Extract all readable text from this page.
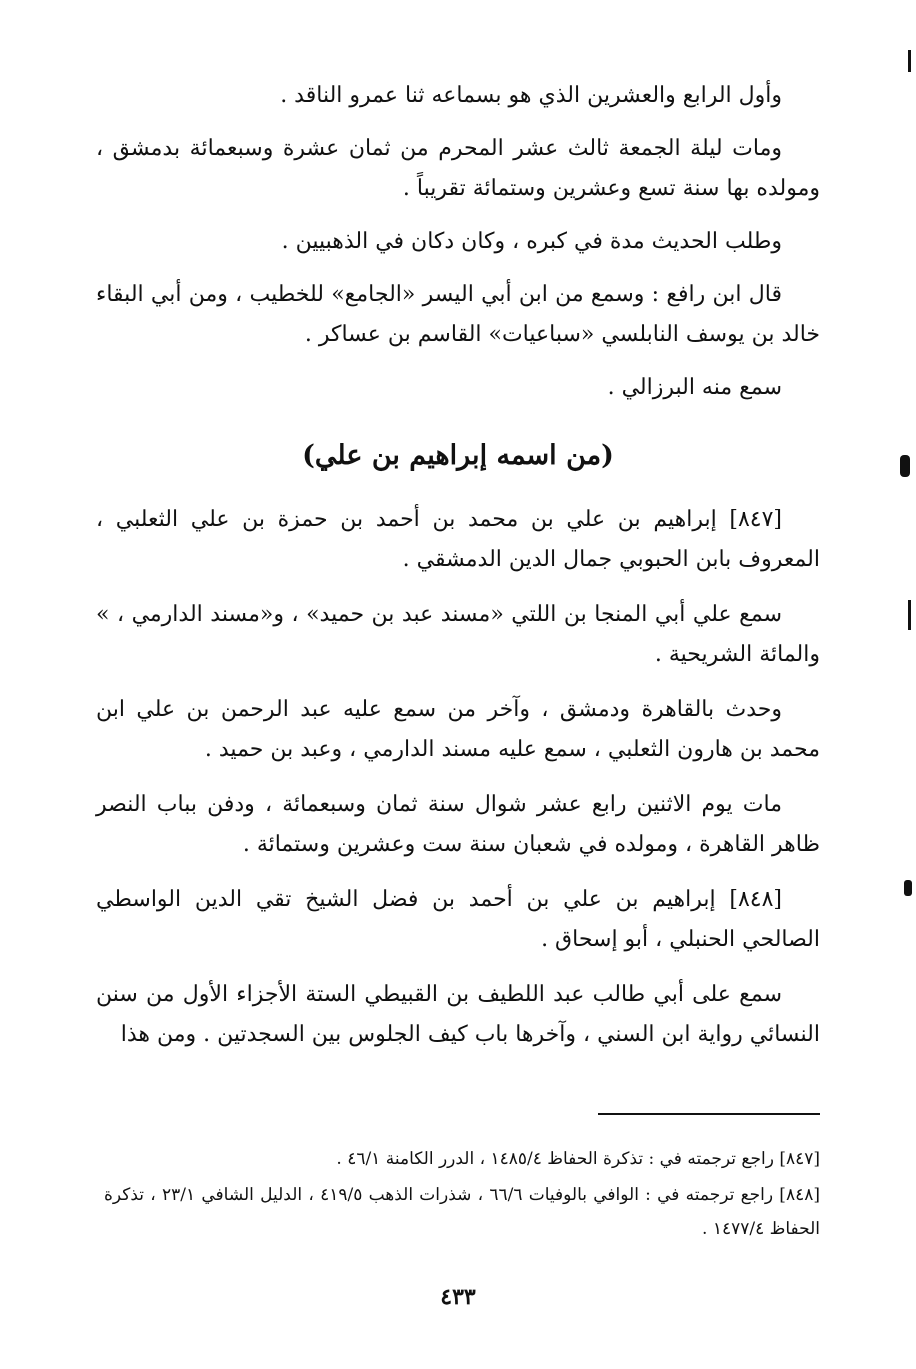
وأول الرابع والعشرين الذي هو بسماعه ثنا عمرو الناقد .

ومات ليلة الجمعة ثالث عشر المحرم من ثمان عشرة وسبعمائة بدمشق ، ومولده بها سنة تسع وعشرين وستمائة تقريباً .

وطلب الحديث مدة في كبره ، وكان دكان في الذهبيين .

قال ابن رافع : وسمع من ابن أبي اليسر «الجامع» للخطيب ، ومن أبي البقاء خالد بن يوسف النابلسي «سباعيات» القاسم بن عساكر .

سمع منه البرزالي .

(من اسمه إبراهيم بن علي)

[٨٤٧] إبراهيم بن علي بن محمد بن أحمد بن حمزة بن علي الثعلبي ، المعروف بابن الحبوبي جمال الدين الدمشقي .

سمع علي أبي المنجا بن اللتي «مسند عبد بن حميد» ، و«مسند الدارمي ، » والمائة الشريحية .

وحدث بالقاهرة ودمشق ، وآخر من سمع عليه عبد الرحمن بن علي ابن محمد بن هارون الثعلبي ، سمع عليه مسند الدارمي ، وعبد بن حميد .

مات يوم الاثنين رابع عشر شوال سنة ثمان وسبعمائة ، ودفن بباب النصر ظاهر القاهرة ، ومولده في شعبان سنة ست وعشرين وستمائة .

[٨٤٨] إبراهيم بن علي بن أحمد بن فضل الشيخ تقي الدين الواسطي الصالحي الحنبلي ، أبو إسحاق .

سمع على أبي طالب عبد اللطيف بن القبيطي الستة الأجزاء الأول من سنن النسائي رواية ابن السني ، وآخرها باب كيف الجلوس بين السجدتين . ومن هذا

[٨٤٧] راجع ترجمته في : تذكرة الحفاظ ١٤٨٥/٤ ، الدرر الكامنة ٤٦/١ .

[٨٤٨] راجع ترجمته في : الوافي بالوفيات ٦٦/٦ ، شذرات الذهب ٤١٩/٥ ، الدليل الشافي ٢٣/١ ، تذكرة الحفاظ ١٤٧٧/٤ .

٤٣٣
